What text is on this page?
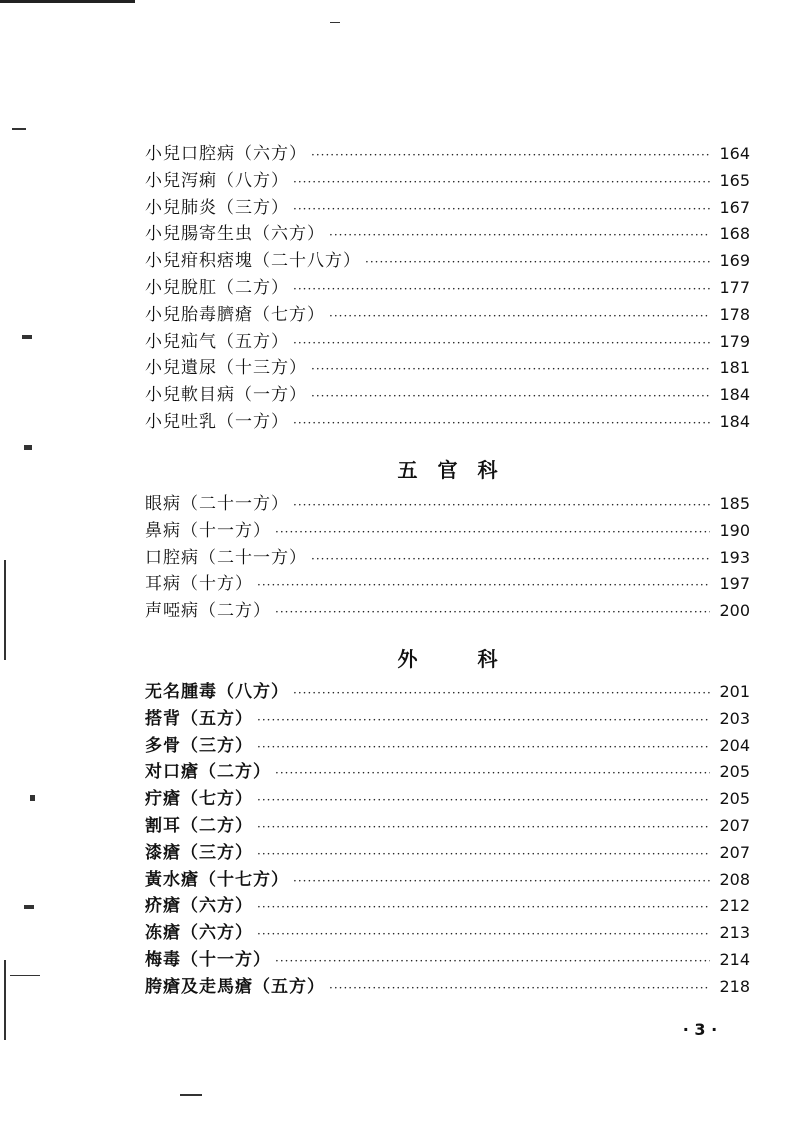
小兒口腔病（六方） ·····	164
小兒泻痢（八方） ·····	165
小兒肺炎（三方） ·····	167
小兒腸寄生虫（六方） ·····	168
小兒疳积痞塊（二十八方） ·····	169
小兒脫肛（二方） ·····	177
小兒胎毒臍瘡（七方） ·····	178
小兒疝气（五方） ·····	179
小兒遺尿（十三方） ·····	181
小兒軟目病（一方） ·····	184
小兒吐乳（一方） ·····	184
五　官　科
眼病（二十一方） ·····	185
鼻病（十一方） ·····	190
口腔病（二十一方） ·····	193
耳病（十方） ·····	197
声啞病（二方） ·····	200
外　　　科
无名腫毒（八方） ·····	201
搭背（五方） ·····	203
多骨（三方） ·····	204
对口瘡（二方） ·····	205
疔瘡（七方） ·····	205
割耳（二方） ·····	207
漆瘡（三方） ·····	207
黃水瘡（十七方） ·····	208
疥瘡（六方） ·····	212
冻瘡（六方） ·····	213
梅毒（十一方） ·····	214
胯瘡及走馬瘡（五方） ·····	218
· 3 ·
